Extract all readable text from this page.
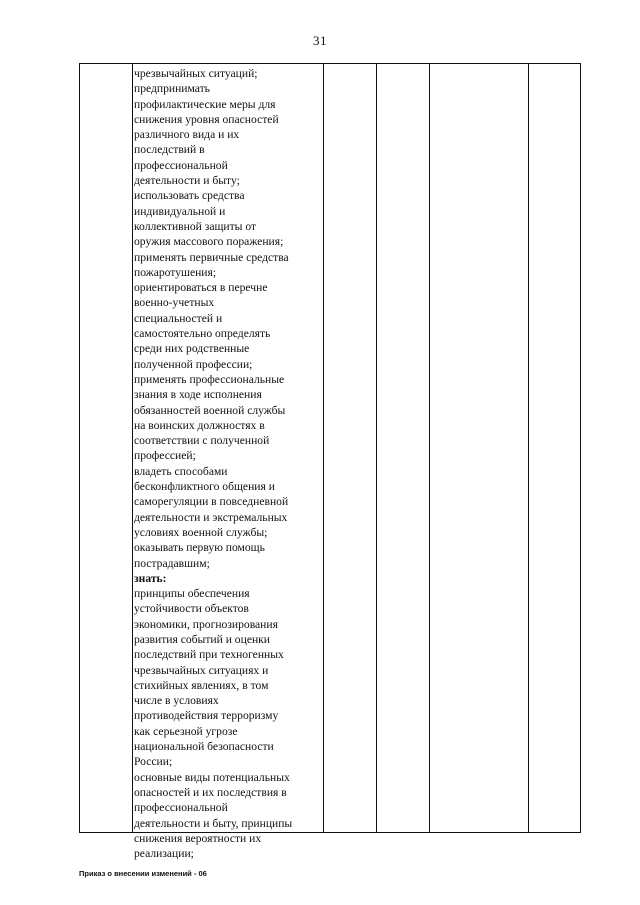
31
чрезвычайных ситуаций;
предпринимать
профилактические меры для
снижения уровня опасностей
различного вида и их
последствий в
профессиональной
деятельности и быту;
использовать средства
индивидуальной и
коллективной защиты от
оружия массового поражения;
применять первичные средства
пожаротушения;
ориентироваться в перечне
военно-учетных
специальностей и
самостоятельно определять
среди них родственные
полученной профессии;
применять профессиональные
знания в ходе исполнения
обязанностей военной службы
на воинских должностях в
соответствии с полученной
профессией;
владеть способами
бесконфликтного общения и
саморегуляции в повседневной
деятельности и экстремальных
условиях военной службы;
оказывать первую помощь
пострадавшим;
знать:
принципы обеспечения
устойчивости объектов
экономики, прогнозирования
развития событий и оценки
последствий при техногенных
чрезвычайных ситуациях и
стихийных явлениях, в том
числе в условиях
противодействия терроризму
как серьезной угрозе
национальной безопасности
России;
основные виды потенциальных
опасностей и их последствия в
профессиональной
деятельности и быту, принципы
снижения вероятности их
реализации;
Приказ о внесении изменений - 06
